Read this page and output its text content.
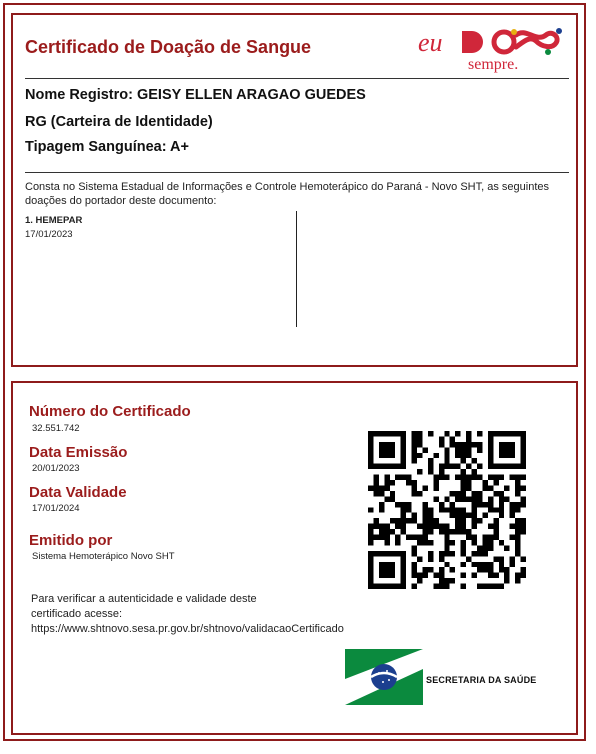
Certificado de Doação de Sangue	eu
sempre.
Nome Registro: GEISY ELLEN ARAGAO GUEDES
RG (Carteira de Identidade)
Tipagem Sanguínea: A+
Consta no Sistema Estadual de Informações e Controle Hemoterápico do Paraná - Novo SHT, as seguintes doações do portador deste documento:
1. HEMEPAR
17/01/2023
Número do Certificado
32.551.742
Data Emissão
20/01/2023
Data Validade
17/01/2024
Emitido por
Sistema Hemoterápico Novo SHT
Para verificar a autenticidade e validade deste certificado acesse: https://www.shtnovo.sesa.pr.gov.br/shtnovo/validacaoCertificado
SECRETARIA DA SAÚDE
